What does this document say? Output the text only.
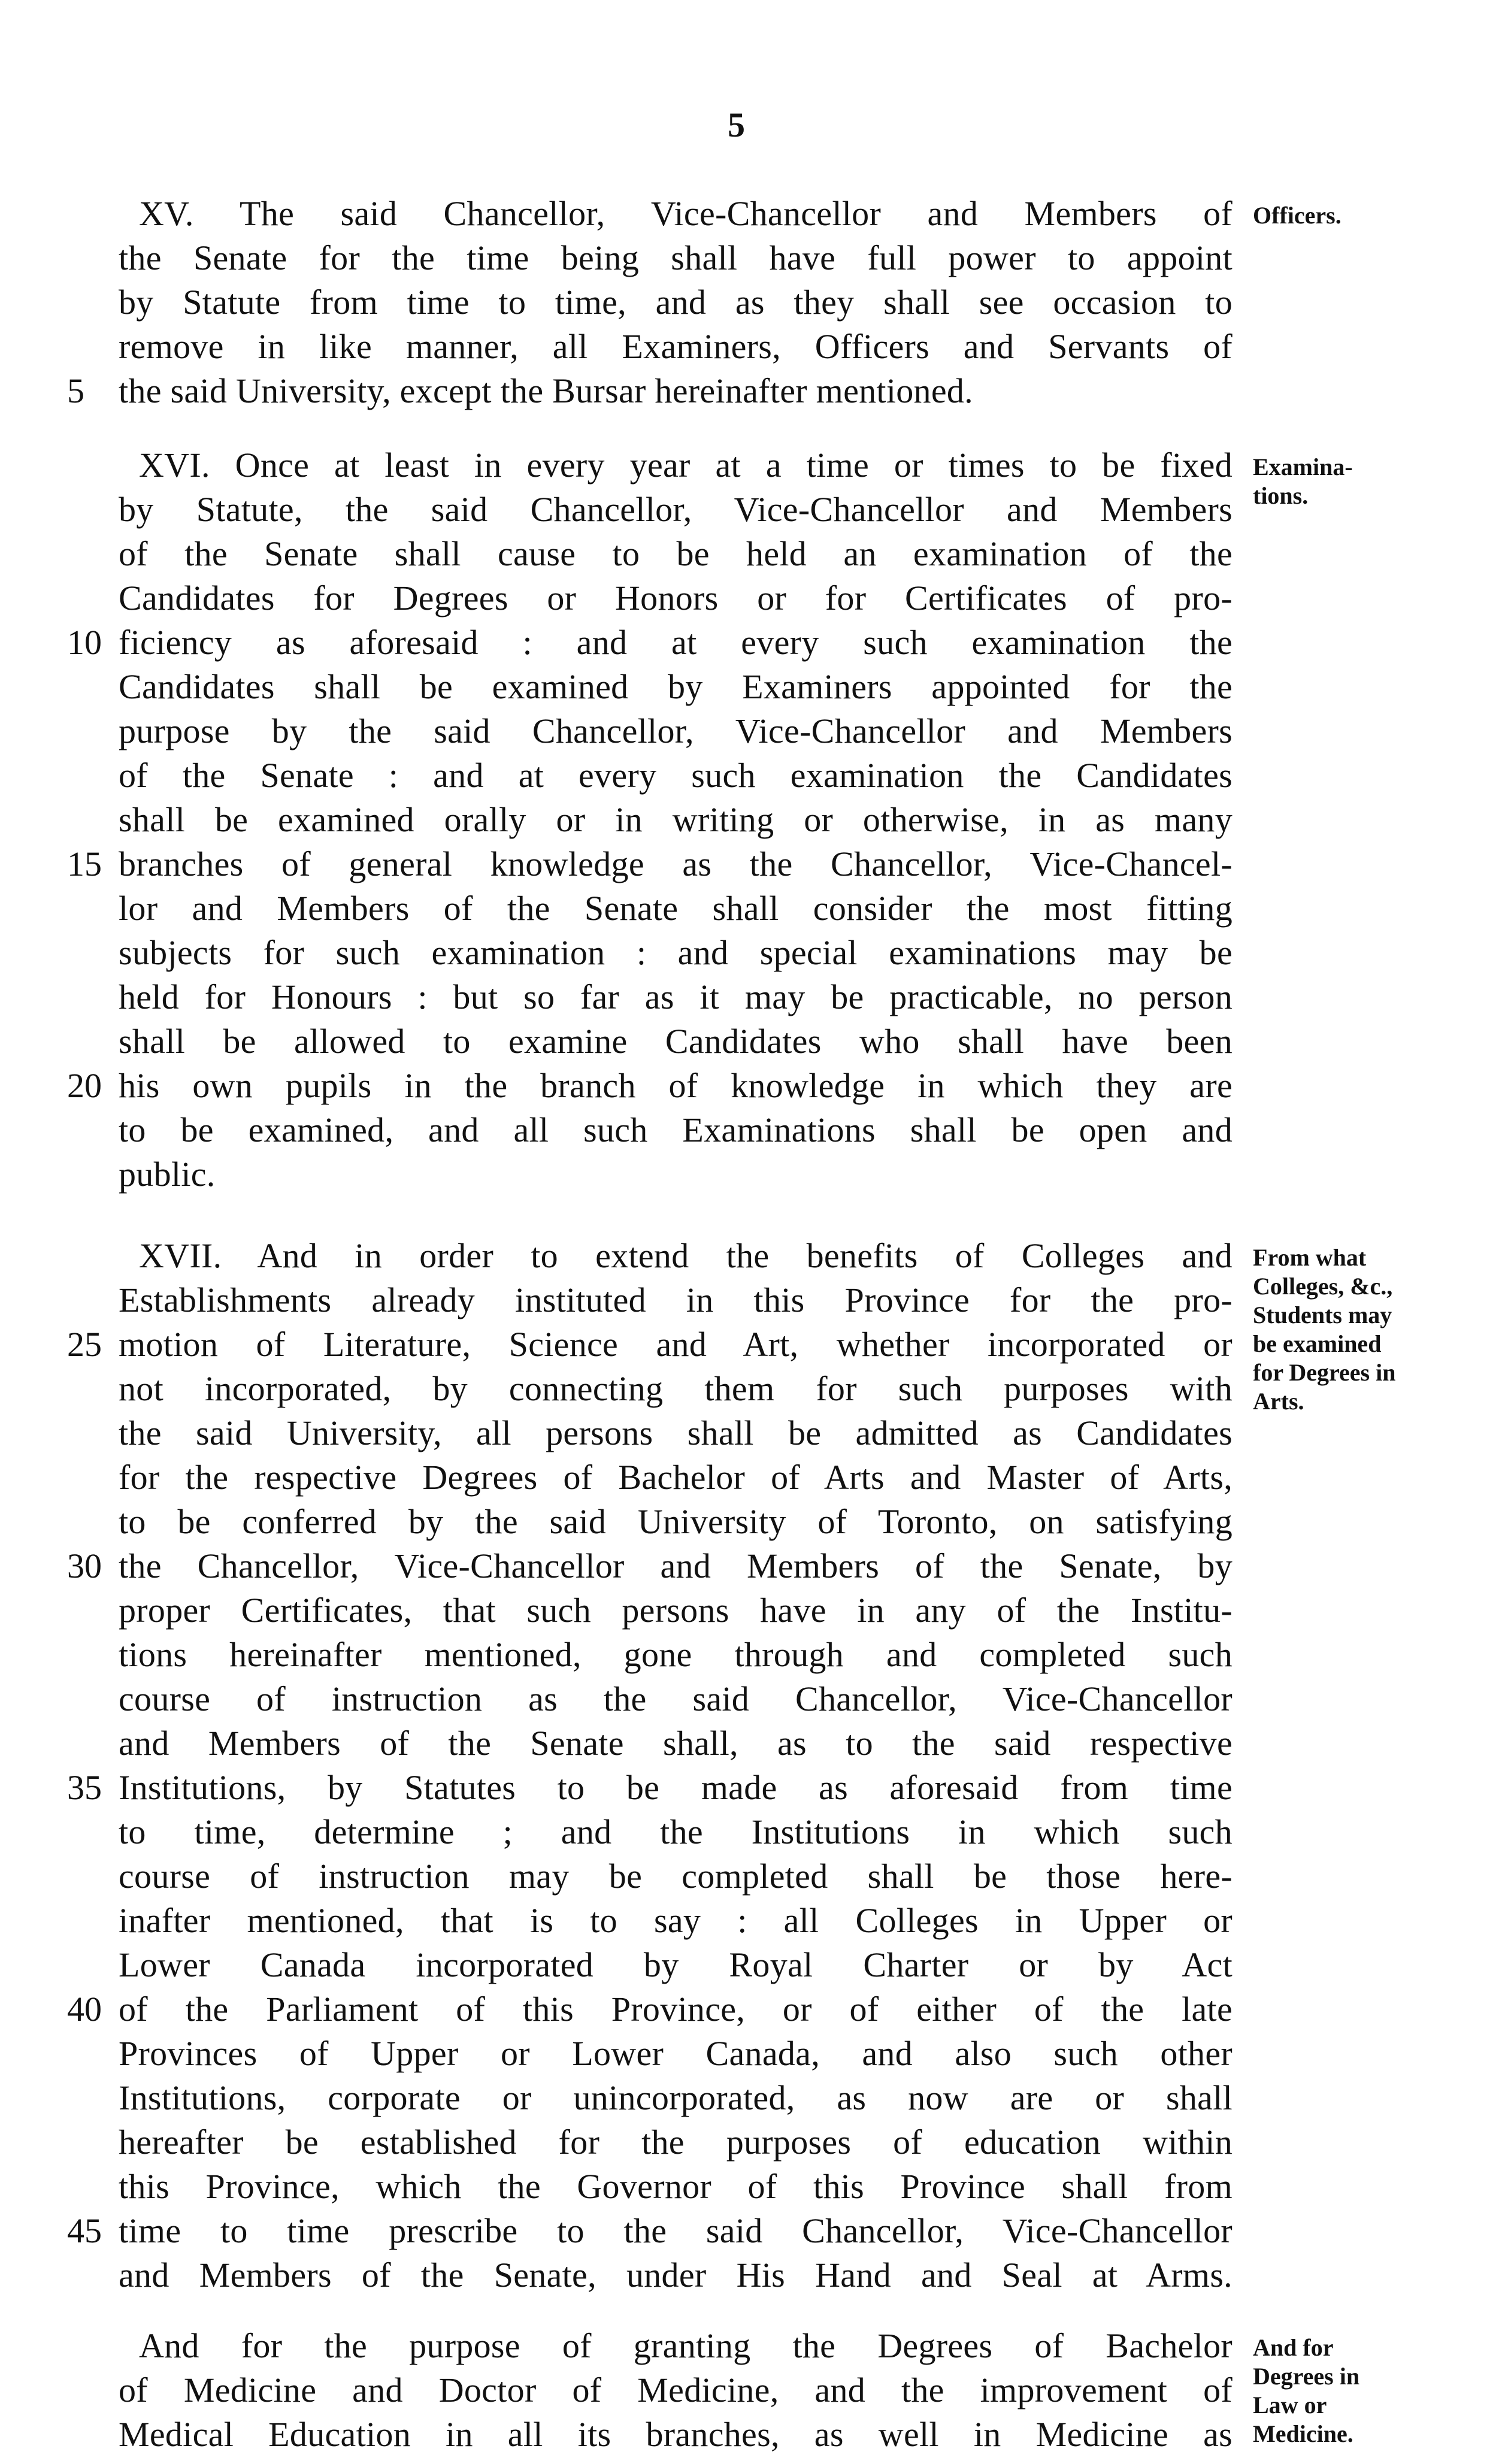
5
XV. The said Chancellor, Vice-Chancellor and Members of
the Senate for the time being shall have full power to appoint
by Statute from time to time, and as they shall see occasion to
remove in like manner, all Examiners, Officers and Servants of
5 the said University, except the Bursar hereinafter mentioned.
XVI. Once at least in every year at a time or times to be fixed
by Statute, the said Chancellor, Vice-Chancellor and Members
of the Senate shall cause to be held an examination of the
Candidates for Degrees or Honors or for Certificates of pro-
10 ficiency as aforesaid : and at every such examination the
Candidates shall be examined by Examiners appointed for the
purpose by the said Chancellor, Vice-Chancellor and Members
of the Senate : and at every such examination the Candidates
shall be examined orally or in writing or otherwise, in as many
15 branches of general knowledge as the Chancellor, Vice-Chancel-
lor and Members of the Senate shall consider the most fitting
subjects for such examination : and special examinations may be
held for Honours : but so far as it may be practicable, no person
shall be allowed to examine Candidates who shall have been
20 his own pupils in the branch of knowledge in which they are
to be examined, and all such Examinations shall be open and
public.
XVII. And in order to extend the benefits of Colleges and
Establishments already instituted in this Province for the pro-
25 motion of Literature, Science and Art, whether incorporated or
not incorporated, by connecting them for such purposes with
the said University, all persons shall be admitted as Candidates
for the respective Degrees of Bachelor of Arts and Master of Arts,
to be conferred by the said University of Toronto, on satisfying
30 the Chancellor, Vice-Chancellor and Members of the Senate, by
proper Certificates, that such persons have in any of the Institu-
tions hereinafter mentioned, gone through and completed such
course of instruction as the said Chancellor, Vice-Chancellor
and Members of the Senate shall, as to the said respective
35 Institutions, by Statutes to be made as aforesaid from time
to time, determine ; and the Institutions in which such
course of instruction may be completed shall be those here-
inafter mentioned, that is to say : all Colleges in Upper or
Lower Canada incorporated by Royal Charter or by Act
40 of the Parliament of this Province, or of either of the late
Provinces of Upper or Lower Canada, and also such other
Institutions, corporate or unincorporated, as now are or shall
hereafter be established for the purposes of education within
this Province, which the Governor of this Province shall from
45 time to time prescribe to the said Chancellor, Vice-Chancellor
and Members of the Senate, under His Hand and Seal at Arms.
And for the purpose of granting the Degrees of Bachelor
of Medicine and Doctor of Medicine, and the improvement of
Medical Education in all its branches, as well in Medicine as
Officers.
Examina-
tions.
From what
Colleges, &c.,
Students may
be examined
for Degrees in
Arts.
And for
Degrees in
Law or
Medicine.
